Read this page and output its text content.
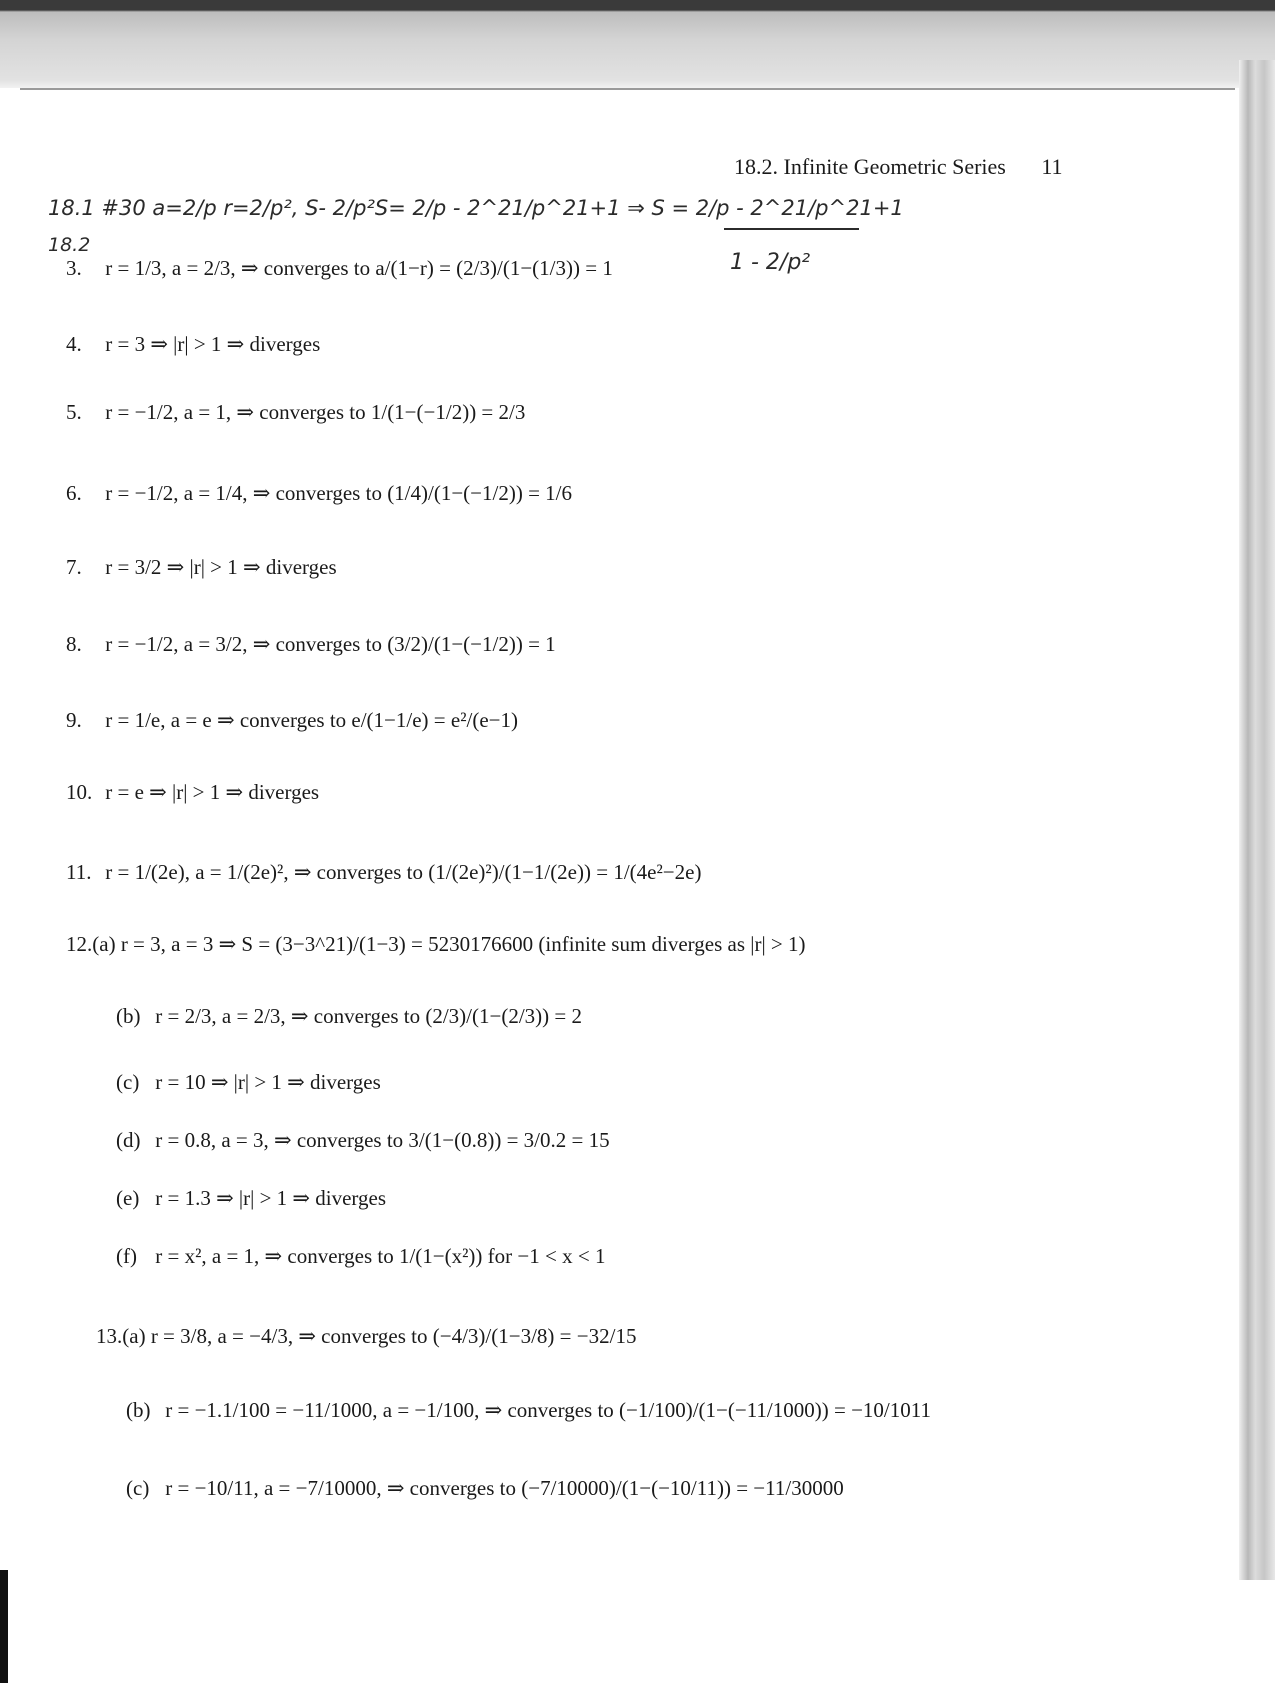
18.2. Infinite Geometric Series 11
18.1 #30 a=2/p r=2/p², S- 2/p²S= 2/p - 2^21/p^21+1 ⇒ S = 2/p - 2^21/p^21+1
18.2
1 - 2/p²
3. r = 1/3, a = 2/3, ⇒ converges to a/(1−r) = (2/3)/(1−(1/3)) = 1
4. r = 3 ⇒ |r| > 1 ⇒ diverges
5. r = −1/2, a = 1, ⇒ converges to 1/(1−(−1/2)) = 2/3
6. r = −1/2, a = 1/4, ⇒ converges to (1/4)/(1−(−1/2)) = 1/6
7. r = 3/2 ⇒ |r| > 1 ⇒ diverges
8. r = −1/2, a = 3/2, ⇒ converges to (3/2)/(1−(−1/2)) = 1
9. r = 1/e, a = e ⇒ converges to e/(1−1/e) = e²/(e−1)
10. r = e ⇒ |r| > 1 ⇒ diverges
11. r = 1/(2e), a = 1/(2e)², ⇒ converges to (1/(2e)²)/(1−1/(2e)) = 1/(4e²−2e)
12.(a) r = 3, a = 3 ⇒ S = (3−3^21)/(1−3) = 5230176600 (infinite sum diverges as |r| > 1)
(b) r = 2/3, a = 2/3, ⇒ converges to (2/3)/(1−(2/3)) = 2
(c) r = 10 ⇒ |r| > 1 ⇒ diverges
(d) r = 0.8, a = 3, ⇒ converges to 3/(1−(0.8)) = 3/0.2 = 15
(e) r = 1.3 ⇒ |r| > 1 ⇒ diverges
(f) r = x², a = 1, ⇒ converges to 1/(1−(x²)) for −1 < x < 1
13.(a) r = 3/8, a = −4/3, ⇒ converges to (−4/3)/(1−3/8) = −32/15
(b) r = −1.1/100 = −11/1000, a = −1/100, ⇒ converges to (−1/100)/(1−(−11/1000)) = −10/1011
(c) r = −10/11, a = −7/10000, ⇒ converges to (−7/10000)/(1−(−10/11)) = −11/30000
